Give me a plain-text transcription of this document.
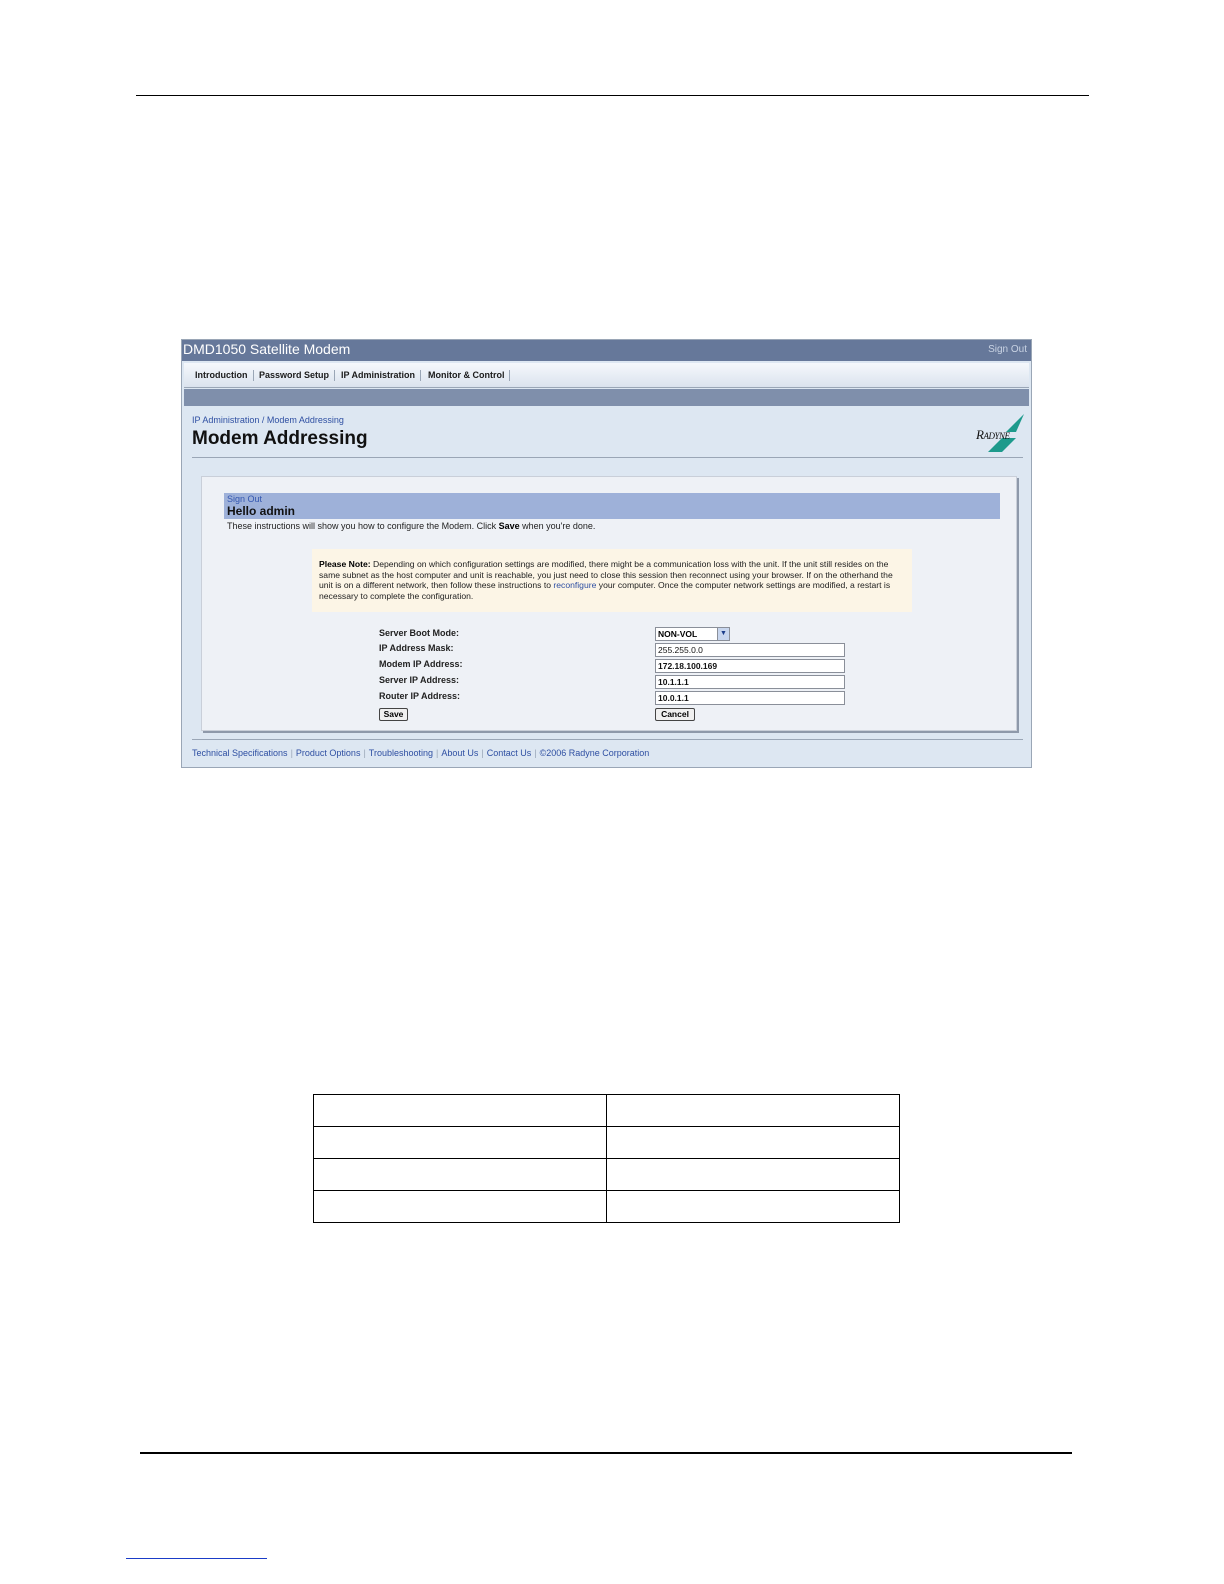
DMD1050 Satellite Modem	Sign Out
Introduction	Password Setup	IP Administration	Monitor & Control
IP Administration / Modem Addressing
Modem Addressing	RADYNE
Sign Out
Hello admin
These instructions will show you how to configure the Modem. Click Save when you're done.
Please Note: Depending on which configuration settings are modified, there might be a communication loss with the unit. If the unit still resides on the same subnet as the host computer and unit is reachable, you just need to close this session then reconnect using your browser. If on the otherhand the unit is on a different network, then follow these instructions to reconfigure your computer. Once the computer network settings are modified, a restart is necessary to complete the configuration.
Server Boot Mode:	NON-VOL	▼
IP Address Mask:	255.255.0.0
Modem IP Address:	172.18.100.169
Server IP Address:	10.1.1.1
Router IP Address:	10.0.1.1
Save	Cancel
Technical Specifications | Product Options | Troubleshooting | About Us | Contact Us | ©2006 Radyne Corporation
